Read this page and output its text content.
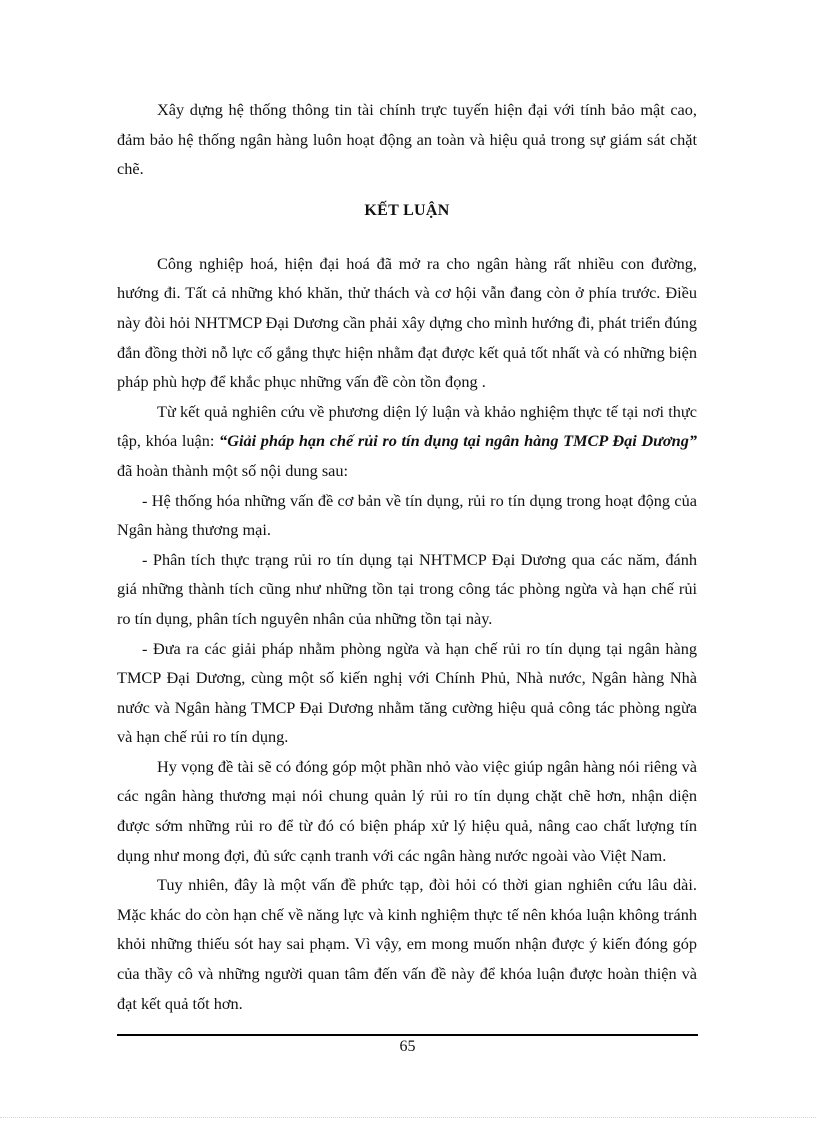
Xây dựng hệ thống thông tin tài chính trực tuyến hiện đại với tính bảo mật cao, đảm bảo hệ thống ngân hàng luôn hoạt động an toàn và hiệu quả trong sự giám sát chặt chẽ.

KẾT LUẬN

Công nghiệp hoá, hiện đại hoá đã mở ra cho ngân hàng rất nhiều con đường, hướng đi. Tất cả những khó khăn, thử thách và cơ hội vẫn đang còn ở phía trước. Điều này đòi hỏi NHTMCP Đại Dương cần phải xây dựng cho mình hướng đi, phát triển đúng đắn đồng thời nỗ lực cố gắng thực hiện nhằm đạt được kết quả tốt nhất và có những biện pháp phù hợp để khắc phục những vấn đề còn tồn đọng .

Từ kết quả nghiên cứu về phương diện lý luận và khảo nghiệm thực tế tại nơi thực tập, khóa luận: “Giải pháp hạn chế rủi ro tín dụng tại ngân hàng TMCP Đại Dương” đã hoàn thành một số nội dung sau:

- Hệ thống hóa những vấn đề cơ bản về tín dụng, rủi ro tín dụng trong hoạt động của Ngân hàng thương mại.

- Phân tích thực trạng rủi ro tín dụng tại NHTMCP Đại Dương qua các năm, đánh giá những thành tích cũng như những tồn tại trong công tác phòng ngừa và hạn chế rủi ro tín dụng, phân tích nguyên nhân của những tồn tại này.

- Đưa ra các giải pháp nhằm phòng ngừa và hạn chế rủi ro tín dụng tại ngân hàng TMCP Đại Dương, cùng một số kiến nghị với Chính Phủ, Nhà nước, Ngân hàng Nhà nước và Ngân hàng TMCP Đại Dương nhằm tăng cường hiệu quả công tác phòng ngừa và hạn chế rủi ro tín dụng.

Hy vọng đề tài sẽ có đóng góp một phần nhỏ vào việc giúp ngân hàng nói riêng và các ngân hàng thương mại nói chung quản lý rủi ro tín dụng chặt chẽ hơn, nhận diện được sớm những rủi ro để từ đó có biện pháp xử lý hiệu quả, nâng cao chất lượng tín dụng như mong đợi, đủ sức cạnh tranh với các ngân hàng nước ngoài vào Việt Nam.

Tuy nhiên, đây là một vấn đề phức tạp, đòi hỏi có thời gian nghiên cứu lâu dài. Mặc khác do còn hạn chế về năng lực và kinh nghiệm thực tế nên khóa luận không tránh khỏi những thiếu sót hay sai phạm. Vì vậy, em mong muốn nhận được ý kiến đóng góp của thầy cô và những người quan tâm đến vấn đề này để khóa luận được hoàn thiện và đạt kết quả tốt hơn.

65
